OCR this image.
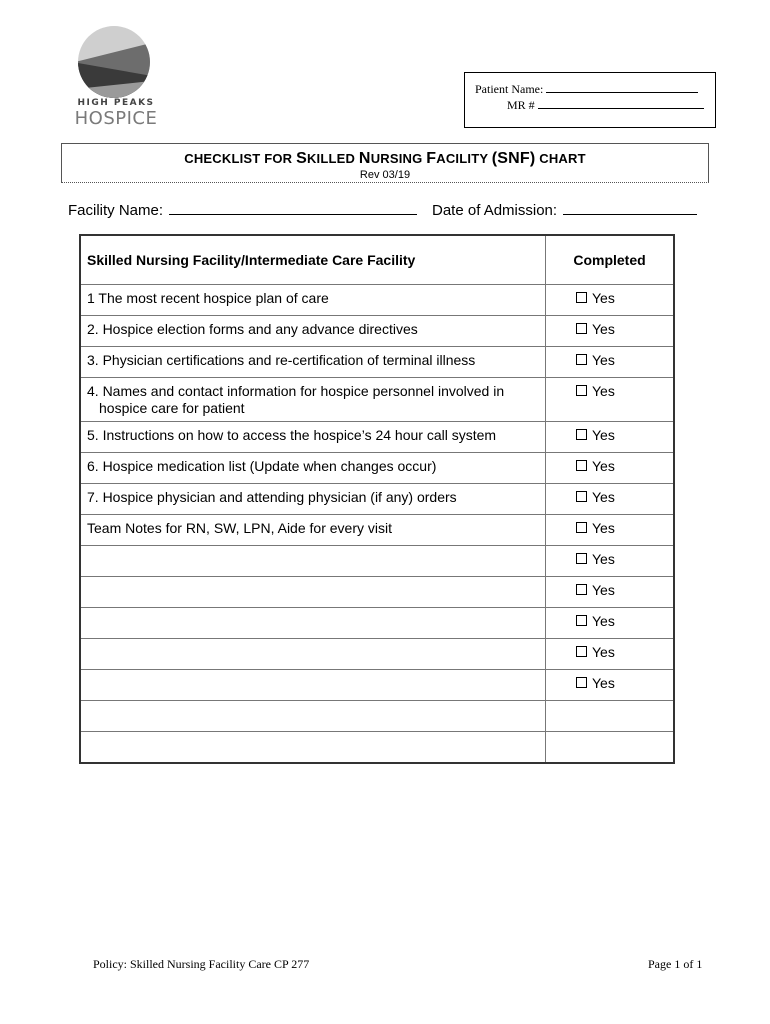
HIGH PEAKS
HOSPICE
Patient Name:
MR #
CHECKLIST FOR SKILLED NURSING FACILITY (SNF) CHART
Rev 03/19
Facility Name:	Date of Admission:
Skilled Nursing Facility/Intermediate Care Facility	Completed

1 The most recent hospice plan of care	Yes

2. Hospice election forms and any advance directives	Yes

3. Physician certifications and re-certification of terminal illness	Yes

4. Names and contact information for hospice personnel involved in
hospice care for patient	Yes

5. Instructions on how to access the hospice’s 24 hour call system	Yes

6. Hospice medication list (Update when changes occur)	Yes

7. Hospice physician and attending physician (if any) orders	Yes

Team Notes for RN, SW, LPN, Aide for every visit	Yes

	Yes

	Yes

	Yes

	Yes

	Yes

Policy: Skilled Nursing Facility Care CP 277	Page 1 of 1
